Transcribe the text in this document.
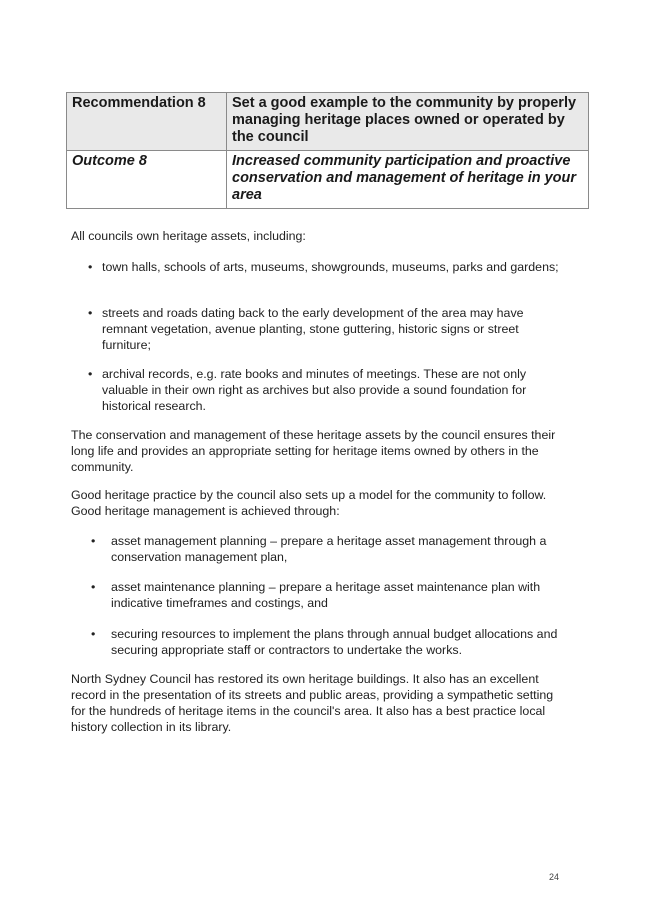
Recommendation 8	Set a good example to the community by properly managing heritage places owned or operated by the council
Outcome 8	Increased community participation and proactive conservation and management of heritage in your area

All councils own heritage assets, including:

• town halls, schools of arts, museums, showgrounds, museums, parks and gardens;
• streets and roads dating back to the early development of the area may have remnant vegetation, avenue planting, stone guttering, historic signs or street furniture;
• archival records, e.g. rate books and minutes of meetings. These are not only valuable in their own right as archives but also provide a sound foundation for historical research.

The conservation and management of these heritage assets by the council ensures their long life and provides an appropriate setting for heritage items owned by others in the community.

Good heritage practice by the council also sets up a model for the community to follow. Good heritage management is achieved through:

• asset management planning – prepare a heritage asset management through a conservation management plan,
• asset maintenance planning – prepare a heritage asset maintenance plan with indicative timeframes and costings, and
• securing resources to implement the plans through annual budget allocations and securing appropriate staff or contractors to undertake the works.

North Sydney Council has restored its own heritage buildings. It also has an excellent record in the presentation of its streets and public areas, providing a sympathetic setting for the hundreds of heritage items in the council's area. It also has a best practice local history collection in its library.

24
